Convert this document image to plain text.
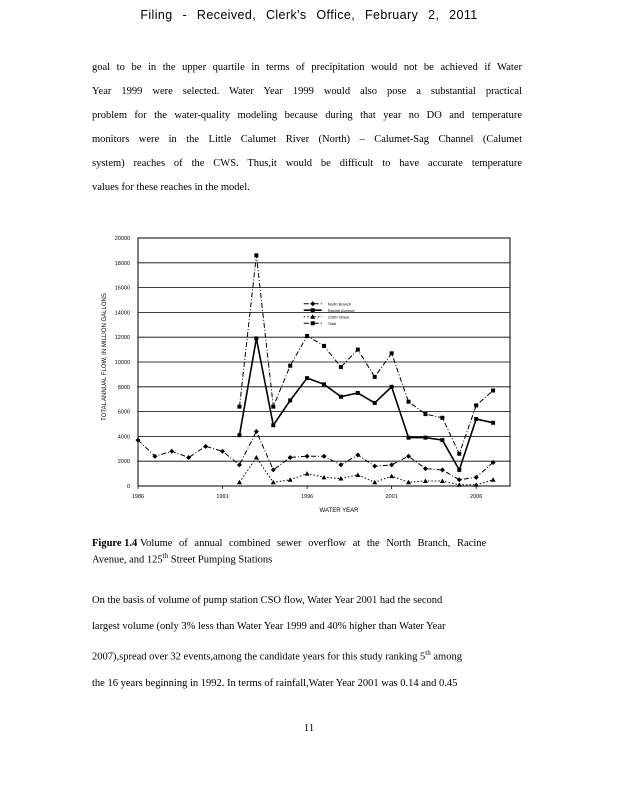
Filing - Received, Clerk's Office, February 2, 2011
goal to be in the upper quartile in terms of precipitation would not be achieved if Water
Year 1999 were selected. Water Year 1999 would also pose a substantial practical
problem for the water-quality modeling because during that year no DO and temperature
monitors were in the Little Calumet River (North) – Calumet-Sag Channel (Calumet
system) reaches of the CWS. Thus,it would be difficult to have accurate temperature
values for these reaches in the model.
0
2000
4000
6000
8000
10000
12000
14000
16000
18000
20000
1986	1991	1996	2001	2006
WATER YEAR
TOTAL ANNUAL FLOW, IN MILLION GALLONS	North Branch
Racine Avenue
125th Street
Total
Figure 1.4 Volume of annual combined sewer overflow at the North Branch, Racine
Avenue, and 125th Street Pumping Stations
On the basis of volume of pump station CSO flow, Water Year 2001 had the second
largest volume (only 3% less than Water Year 1999 and 40% higher than Water Year
2007),spread over 32 events,among the candidate years for this study ranking 5th among
the 16 years beginning in 1992. In terms of rainfall,Water Year 2001 was 0.14 and 0.45
11
